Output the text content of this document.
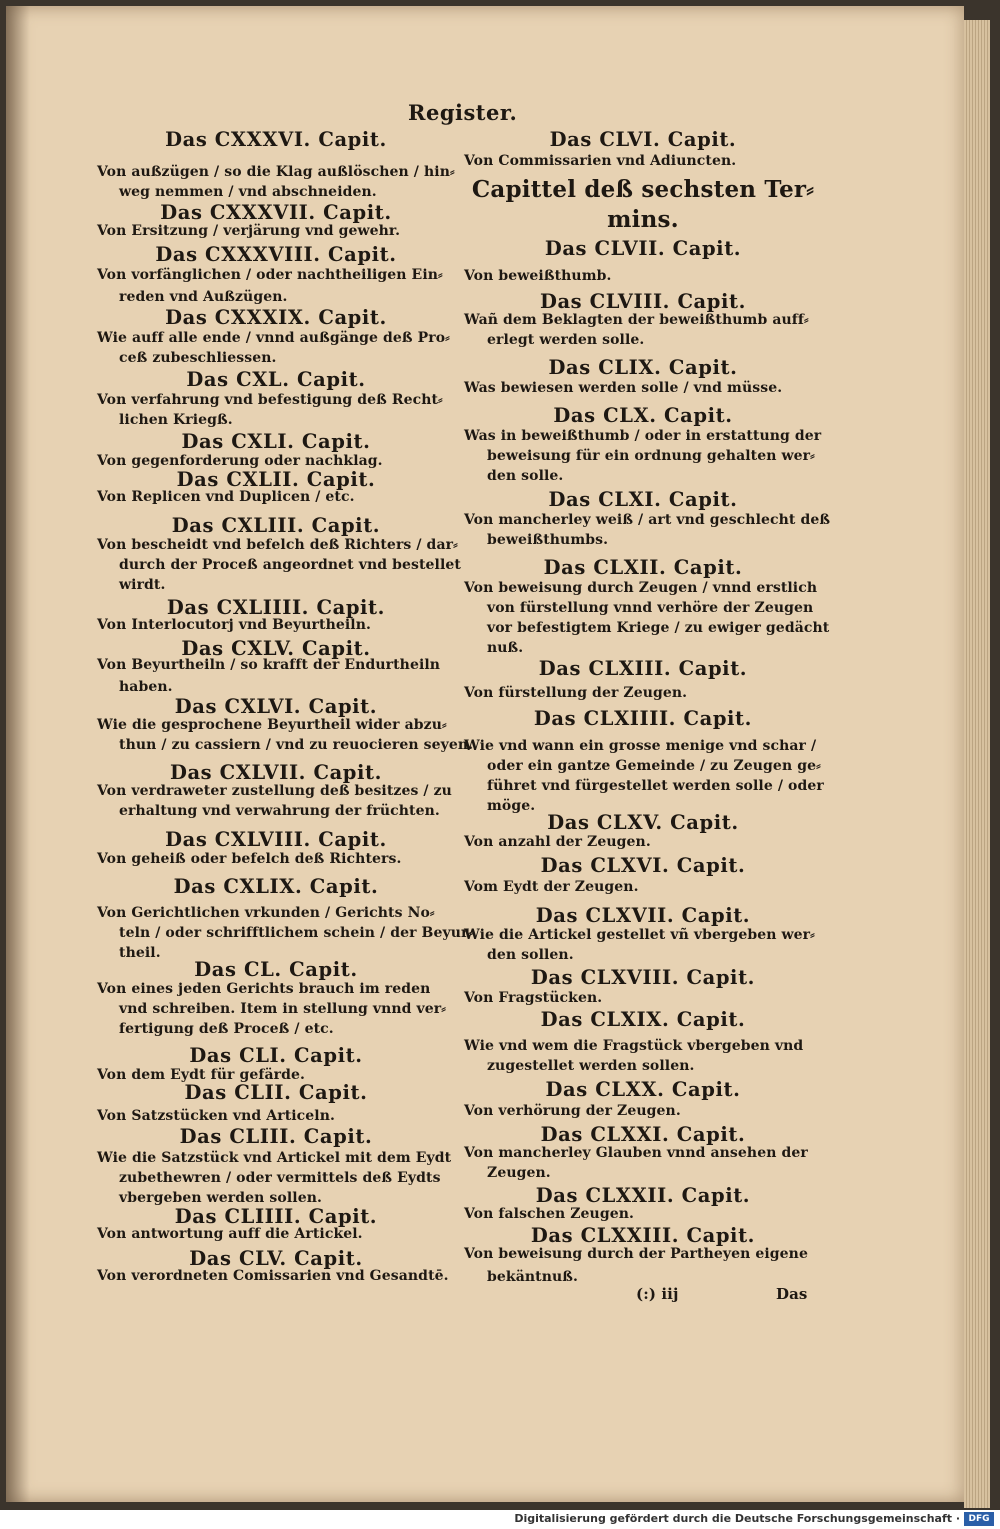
Register.
Das CXXXVI. Capit.
Von außzügen / so die Klag außlöschen / hin⸗
weg nemmen / vnd abschneiden.
Das CXXXVII. Capit.
Von Ersitzung / verjärung vnd gewehr.
Das CXXXVIII. Capit.
Von vorfänglichen / oder nachtheiligen Ein⸗
reden vnd Außzügen.
Das CXXXIX. Capit.
Wie auff alle ende / vnnd außgänge deß Pro⸗
ceß zubeschliessen.
Das CXL. Capit.
Von verfahrung vnd befestigung deß Recht⸗
lichen Kriegß.
Das CXLI. Capit.
Von gegenforderung oder nachklag.
Das CXLII. Capit.
Von Replicen vnd Duplicen / etc.
Das CXLIII. Capit.
Von bescheidt vnd befelch deß Richters / dar⸗
durch der Proceß angeordnet vnd bestellet
wirdt.
Das CXLIIII. Capit.
Von Interlocutorj vnd Beyurtheiln.
Das CXLV. Capit.
Von Beyurtheiln / so krafft der Endurtheiln
haben.
Das CXLVI. Capit.
Wie die gesprochene Beyurtheil wider abzu⸗
thun / zu cassiern / vnd zu reuocieren seyen.
Das CXLVII. Capit.
Von verdraweter zustellung deß besitzes / zu
erhaltung vnd verwahrung der früchten.
Das CXLVIII. Capit.
Von geheiß oder befelch deß Richters.
Das CXLIX. Capit.
Von Gerichtlichen vrkunden / Gerichts No⸗
teln / oder schrifftlichem schein / der Beyur⸗
theil.
Das CL. Capit.
Von eines jeden Gerichts brauch im reden
vnd schreiben. Item in stellung vnnd ver⸗
fertigung deß Proceß / etc.
Das CLI. Capit.
Von dem Eydt für gefärde.
Das CLII. Capit.
Von Satzstücken vnd Articeln.
Das CLIII. Capit.
Wie die Satzstück vnd Artickel mit dem Eydt
zubethewren / oder vermittels deß Eydts
vbergeben werden sollen.
Das CLIIII. Capit.
Von antwortung auff die Artickel.
Das CLV. Capit.
Von verordneten Comissarien vnd Gesandtē.
Das CLVI. Capit.
Von Commissarien vnd Adiuncten.
Capittel deß sechsten Ter⸗
mins.
Das CLVII. Capit.
Von beweißthumb.
Das CLVIII. Capit.
Wañ dem Beklagten der beweißthumb auff⸗
erlegt werden solle.
Das CLIX. Capit.
Was bewiesen werden solle / vnd müsse.
Das CLX. Capit.
Was in beweißthumb / oder in erstattung der
beweisung für ein ordnung gehalten wer⸗
den solle.
Das CLXI. Capit.
Von mancherley weiß / art vnd geschlecht deß
beweißthumbs.
Das CLXII. Capit.
Von beweisung durch Zeugen / vnnd erstlich
von fürstellung vnnd verhöre der Zeugen
vor befestigtem Kriege / zu ewiger gedächt
nuß.
Das CLXIII. Capit.
Von fürstellung der Zeugen.
Das CLXIIII. Capit.
Wie vnd wann ein grosse menige vnd schar /
oder ein gantze Gemeinde / zu Zeugen ge⸗
führet vnd fürgestellet werden solle / oder
möge.
Das CLXV. Capit.
Von anzahl der Zeugen.
Das CLXVI. Capit.
Vom Eydt der Zeugen.
Das CLXVII. Capit.
Wie die Artickel gestellet vñ vbergeben wer⸗
den sollen.
Das CLXVIII. Capit.
Von Fragstücken.
Das CLXIX. Capit.
Wie vnd wem die Fragstück vbergeben vnd
zugestellet werden sollen.
Das CLXX. Capit.
Von verhörung der Zeugen.
Das CLXXI. Capit.
Von mancherley Glauben vnnd ansehen der
Zeugen.
Das CLXXII. Capit.
Von falschen Zeugen.
Das CLXXIII. Capit.
Von beweisung durch der Partheyen eigene
bekäntnuß.
(:) iij	Das
Digitalisierung gefördert durch die Deutsche Forschungsgemeinschaft · DFG
